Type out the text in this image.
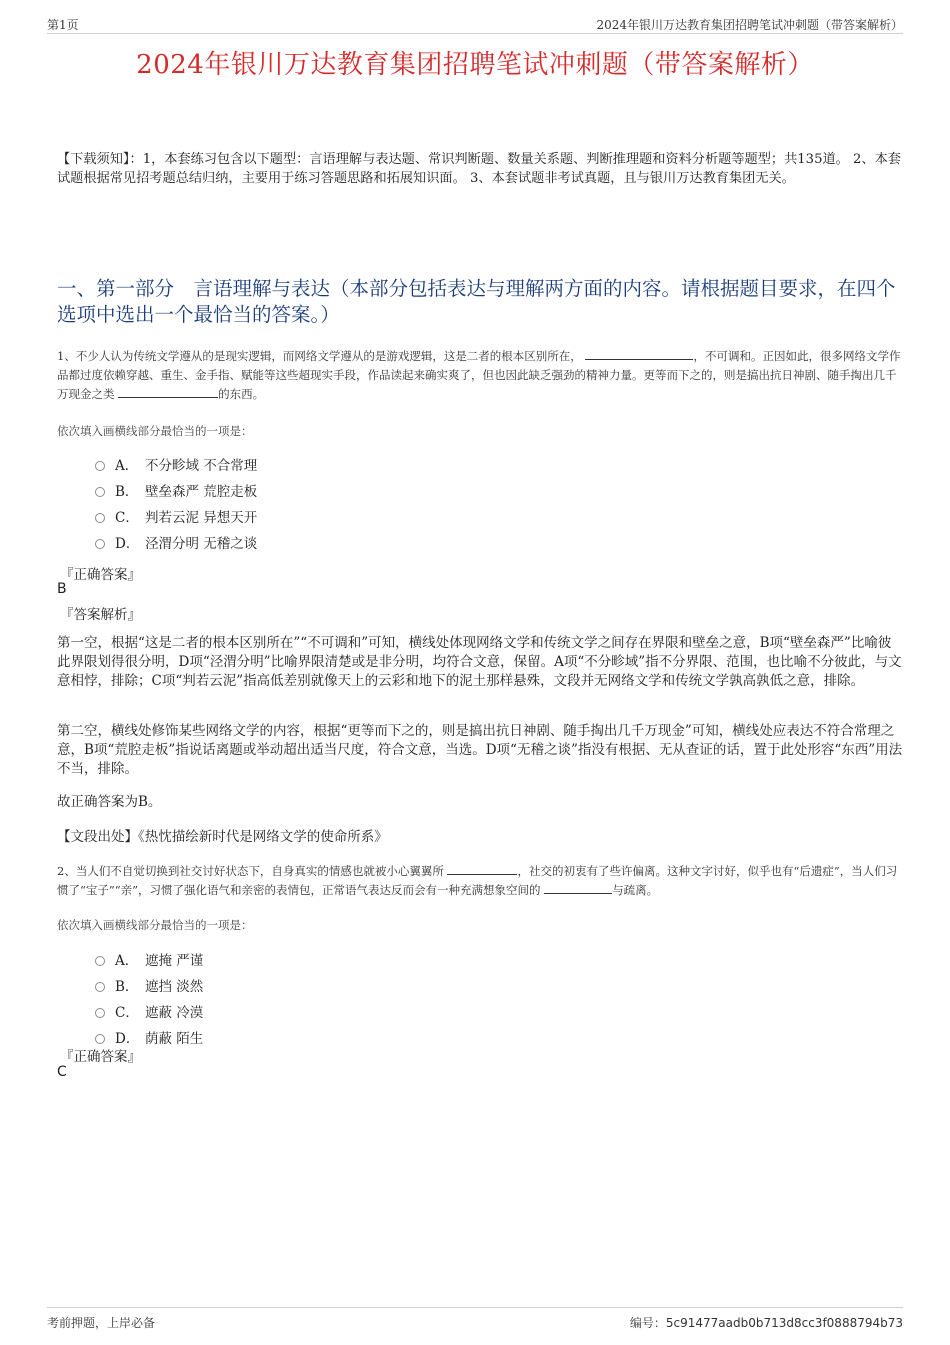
第1页	2024年银川万达教育集团招聘笔试冲刺题（带答案解析）
2024年银川万达教育集团招聘笔试冲刺题（带答案解析）
【下载须知】：1，本套练习包含以下题型：言语理解与表达题、常识判断题、数量关系题、判断推理题和资料分析题等题型；共135道。 2、本套试题根据常见招考题总结归纳，主要用于练习答题思路和拓展知识面。 3、本套试题非考试真题，且与银川万达教育集团无关。
一、第一部分　言语理解与表达（本部分包括表达与理解两方面的内容。请根据题目要求，在四个选项中选出一个最恰当的答案。）
1、不少人认为传统文学遵从的是现实逻辑，而网络文学遵从的是游戏逻辑，这是二者的根本区别所在，	，不可调和。正因如此，很多网络文学作品都过度依赖穿越、重生、金手指、赋能等这些超现实手段，作品读起来确实爽了，但也因此缺乏强劲的精神力量。更等而下之的，则是搞出抗日神剧、随手掏出几千万现金之类	的东西。
依次填入画横线部分最恰当的一项是：
A． 不分畛域 不合常理
B． 壁垒森严 荒腔走板
C． 判若云泥 异想天开
D． 泾渭分明 无稽之谈
『正确答案』
B
『答案解析』
第一空，根据“这是二者的根本区别所在”“不可调和”可知，横线处体现网络文学和传统文学之间存在界限和壁垒之意，B项“壁垒森严”比喻彼此界限划得很分明，D项“泾渭分明”比喻界限清楚或是非分明，均符合文意，保留。A项“不分畛域”指不分界限、范围，也比喻不分彼此，与文意相悖，排除；C项“判若云泥”指高低差别就像天上的云彩和地下的泥土那样悬殊，文段并无网络文学和传统文学孰高孰低之意，排除。
第二空，横线处修饰某些网络文学的内容，根据“更等而下之的，则是搞出抗日神剧、随手掏出几千万现金”可知，横线处应表达不符合常理之意，B项“荒腔走板”指说话离题或举动超出适当尺度，符合文意，当选。D项“无稽之谈”指没有根据、无从查证的话，置于此处形容“东西”用法不当，排除。
故正确答案为B。
【文段出处】《热忱描绘新时代是网络文学的使命所系》
2、当人们不自觉切换到社交讨好状态下，自身真实的情感也就被小心翼翼所	，社交的初衷有了些许偏离。这种文字讨好，似乎也有“后遗症”，当人们习惯了“宝子”“亲”，习惯了强化语气和亲密的表情包，正常语气表达反而会有一种充满想象空间的	与疏离。
依次填入画横线部分最恰当的一项是：
A． 遮掩 严谨
B． 遮挡 淡然
C． 遮蔽 冷漠
D． 荫蔽 陌生
『正确答案』
C
考前押题，上岸必备	编号：5c91477aadb0b713d8cc3f0888794b73
